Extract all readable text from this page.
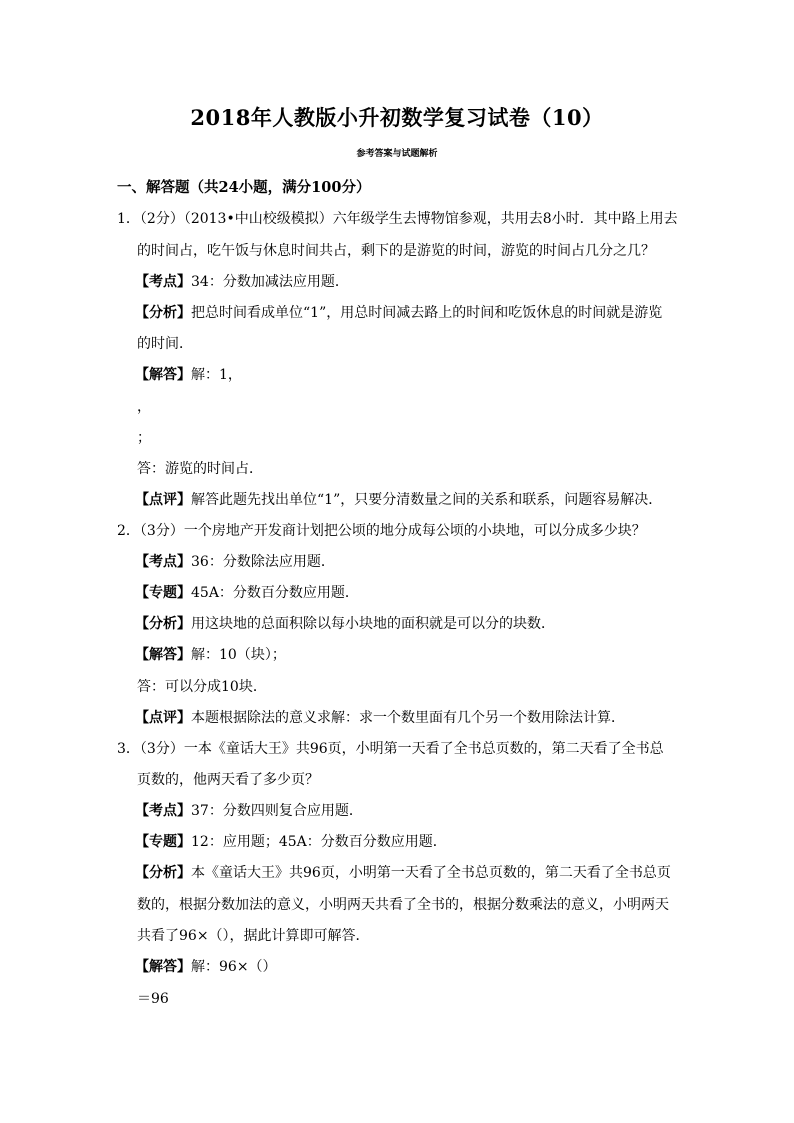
2018年人教版小升初数学复习试卷（10）
参考答案与试题解析
一、解答题（共24小题，满分100分）
1．（2分）（2013•中山校级模拟）六年级学生去博物馆参观，共用去8小时．其中路上用去
的时间占，吃午饭与休息时间共占，剩下的是游览的时间，游览的时间占几分之几？
【考点】34：分数加减法应用题．
【分析】把总时间看成单位“1”，用总时间减去路上的时间和吃饭休息的时间就是游览
的时间．
【解答】解：1，
，
；
答：游览的时间占．
【点评】解答此题先找出单位“1”，只要分清数量之间的关系和联系，问题容易解决．
2．（3分）一个房地产开发商计划把公顷的地分成每公顷的小块地，可以分成多少块？
【考点】36：分数除法应用题．
【专题】45A：分数百分数应用题．
【分析】用这块地的总面积除以每小块地的面积就是可以分的块数．
【解答】解：10（块）；
答：可以分成10块．
【点评】本题根据除法的意义求解：求一个数里面有几个另一个数用除法计算．
3．（3分）一本《童话大王》共96页，小明第一天看了全书总页数的，第二天看了全书总
页数的，他两天看了多少页？
【考点】37：分数四则复合应用题．
【专题】12：应用题；45A：分数百分数应用题．
【分析】本《童话大王》共96页，小明第一天看了全书总页数的，第二天看了全书总页
数的，根据分数加法的意义，小明两天共看了全书的，根据分数乘法的意义，小明两天
共看了96×（），据此计算即可解答．
【解答】解：96×（）
＝96
